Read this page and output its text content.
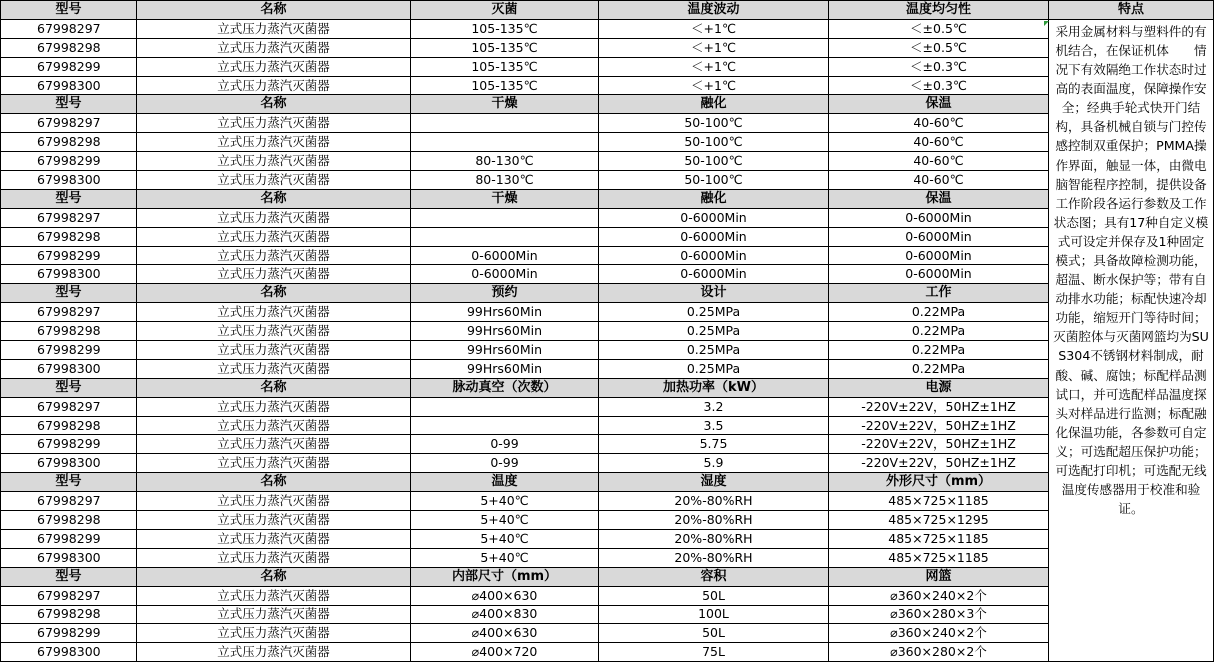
型号	名称	灭菌	温度波动	温度均匀性	特点
67998297	立式压力蒸汽灭菌器	105-135℃	＜+1℃	＜±0.5℃	采用金属材料与塑料件的有机结合，在保证机体　　情况下有效隔绝工作状态时过高的表面温度，保障操作安全；经典手轮式快开门结构，具备机械自锁与门控传感控制双重保护；PMMA操作界面，触显一体，由微电脑智能程序控制，提供设备工作阶段各运行参数及工作状态图；具有17种自定义模式可设定并保存及1种固定模式；具备故障检测功能，超温、断水保护等；带有自动排水功能；标配快速冷却功能，缩短开门等待时间；灭菌腔体与灭菌网篮均为SUS304不锈钢材料制成，耐酸、碱、腐蚀；标配样品测试口，并可选配样品温度探头对样品进行监测；标配融化保温功能，各参数可自定义；可选配超压保护功能；可选配打印机；可选配无线温度传感器用于校准和验证。
67998298	立式压力蒸汽灭菌器	105-135℃	＜+1℃	＜±0.5℃	
67998299	立式压力蒸汽灭菌器	105-135℃	＜+1℃	＜±0.3℃	
67998300	立式压力蒸汽灭菌器	105-135℃	＜+1℃	＜±0.3℃	
型号	名称	干燥	融化	保温	
67998297	立式压力蒸汽灭菌器		50-100℃	40-60℃	
67998298	立式压力蒸汽灭菌器		50-100℃	40-60℃	
67998299	立式压力蒸汽灭菌器	80-130℃	50-100℃	40-60℃	
67998300	立式压力蒸汽灭菌器	80-130℃	50-100℃	40-60℃	
型号	名称	干燥	融化	保温	
67998297	立式压力蒸汽灭菌器		0-6000Min	0-6000Min	
67998298	立式压力蒸汽灭菌器		0-6000Min	0-6000Min	
67998299	立式压力蒸汽灭菌器	0-6000Min	0-6000Min	0-6000Min	
67998300	立式压力蒸汽灭菌器	0-6000Min	0-6000Min	0-6000Min	
型号	名称	预约	设计	工作	
67998297	立式压力蒸汽灭菌器	99Hrs60Min	0.25MPa	0.22MPa	
67998298	立式压力蒸汽灭菌器	99Hrs60Min	0.25MPa	0.22MPa	
67998299	立式压力蒸汽灭菌器	99Hrs60Min	0.25MPa	0.22MPa	
67998300	立式压力蒸汽灭菌器	99Hrs60Min	0.25MPa	0.22MPa	
型号	名称	脉动真空（次数）	加热功率（kW）	电源	
67998297	立式压力蒸汽灭菌器		3.2	-220V±22V，50HZ±1HZ	
67998298	立式压力蒸汽灭菌器		3.5	-220V±22V，50HZ±1HZ	
67998299	立式压力蒸汽灭菌器	0-99	5.75	-220V±22V，50HZ±1HZ	
67998300	立式压力蒸汽灭菌器	0-99	5.9	-220V±22V，50HZ±1HZ	
型号	名称	温度	湿度	外形尺寸（mm）	
67998297	立式压力蒸汽灭菌器	5+40℃	20%-80%RH	485×725×1185	
67998298	立式压力蒸汽灭菌器	5+40℃	20%-80%RH	485×725×1295	
67998299	立式压力蒸汽灭菌器	5+40℃	20%-80%RH	485×725×1185	
67998300	立式压力蒸汽灭菌器	5+40℃	20%-80%RH	485×725×1185	
型号	名称	内部尺寸（mm）	容积	网篮	
67998297	立式压力蒸汽灭菌器	⌀400×630	50L	⌀360×240×2个	
67998298	立式压力蒸汽灭菌器	⌀400×830	100L	⌀360×280×3个	
67998299	立式压力蒸汽灭菌器	⌀400×630	50L	⌀360×240×2个	
67998300	立式压力蒸汽灭菌器	⌀400×720	75L	⌀360×280×2个	
